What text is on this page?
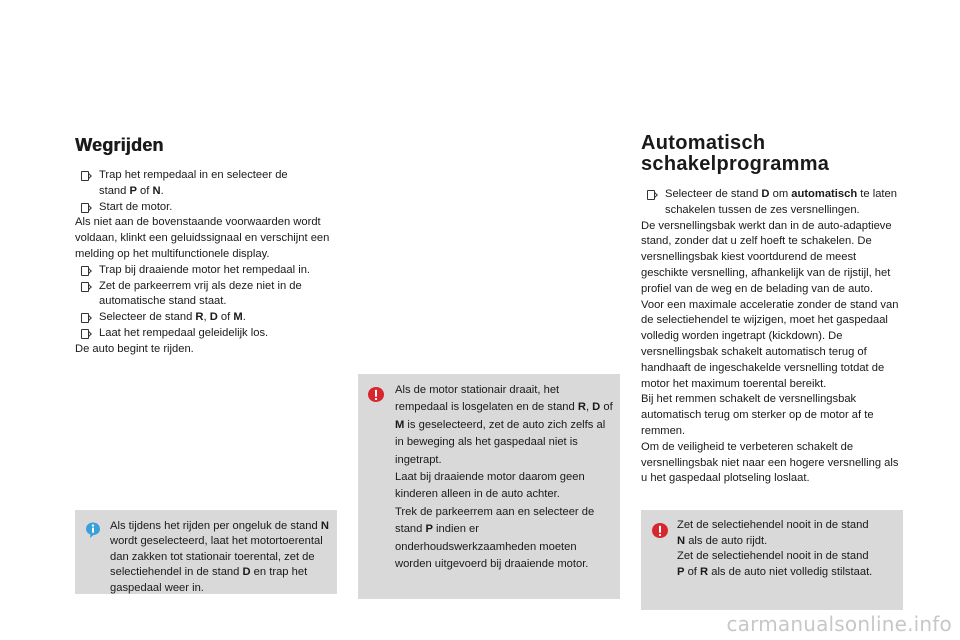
Wegrijden
Trap het rempedaal in en selecteer de
stand P of N.
Start de motor.

Als niet aan de bovenstaande voorwaarden wordt voldaan, klinkt een geluidssignaal en verschijnt een melding op het multifunctionele display.

Trap bij draaiende motor het rempedaal in.
Zet de parkeerrem vrij als deze niet in de
automatische stand staat.
Selecteer de stand R, D of M.
Laat het rempedaal geleidelijk los.

De auto begint te rijden.

Automatisch
schakelprogramma
Selecteer de stand D om automatisch te laten schakelen tussen de zes versnellingen.

De versnellingsbak werkt dan in de auto-adaptieve stand, zonder dat u zelf hoeft te schakelen. De versnellingsbak kiest voortdurend de meest geschikte versnelling, afhankelijk van de rijstijl, het profiel van de weg en de belading van de auto.

Voor een maximale acceleratie zonder de stand van de selectiehendel te wijzigen, moet het gaspedaal volledig worden ingetrapt (kickdown). De versnellingsbak schakelt automatisch terug of handhaaft de ingeschakelde versnelling totdat de motor het maximum toerental bereikt.

Bij het remmen schakelt de versnellingsbak automatisch terug om sterker op de motor af te remmen.

Om de veiligheid te verbeteren schakelt de versnellingsbak niet naar een hogere versnelling als u het gaspedaal plotseling loslaat.

Als tijdens het rijden per ongeluk de stand N wordt geselecteerd, laat het motortoerental dan zakken tot stationair toerental, zet de selectiehendel in de stand D en trap het gaspedaal weer in.
Als de motor stationair draait, het rempedaal is losgelaten en de stand R, D of M is geselecteerd, zet de auto zich zelfs al in beweging als het gaspedaal niet is ingetrapt.
Laat bij draaiende motor daarom geen kinderen alleen in de auto achter.
Trek de parkeerrem aan en selecteer de stand P indien er onderhoudswerkzaamheden moeten worden uitgevoerd bij draaiende motor.
Zet de selectiehendel nooit in de stand
N als de auto rijdt.
Zet de selectiehendel nooit in de stand
P of R als de auto niet volledig stilstaat.
carmanualsonline.info
